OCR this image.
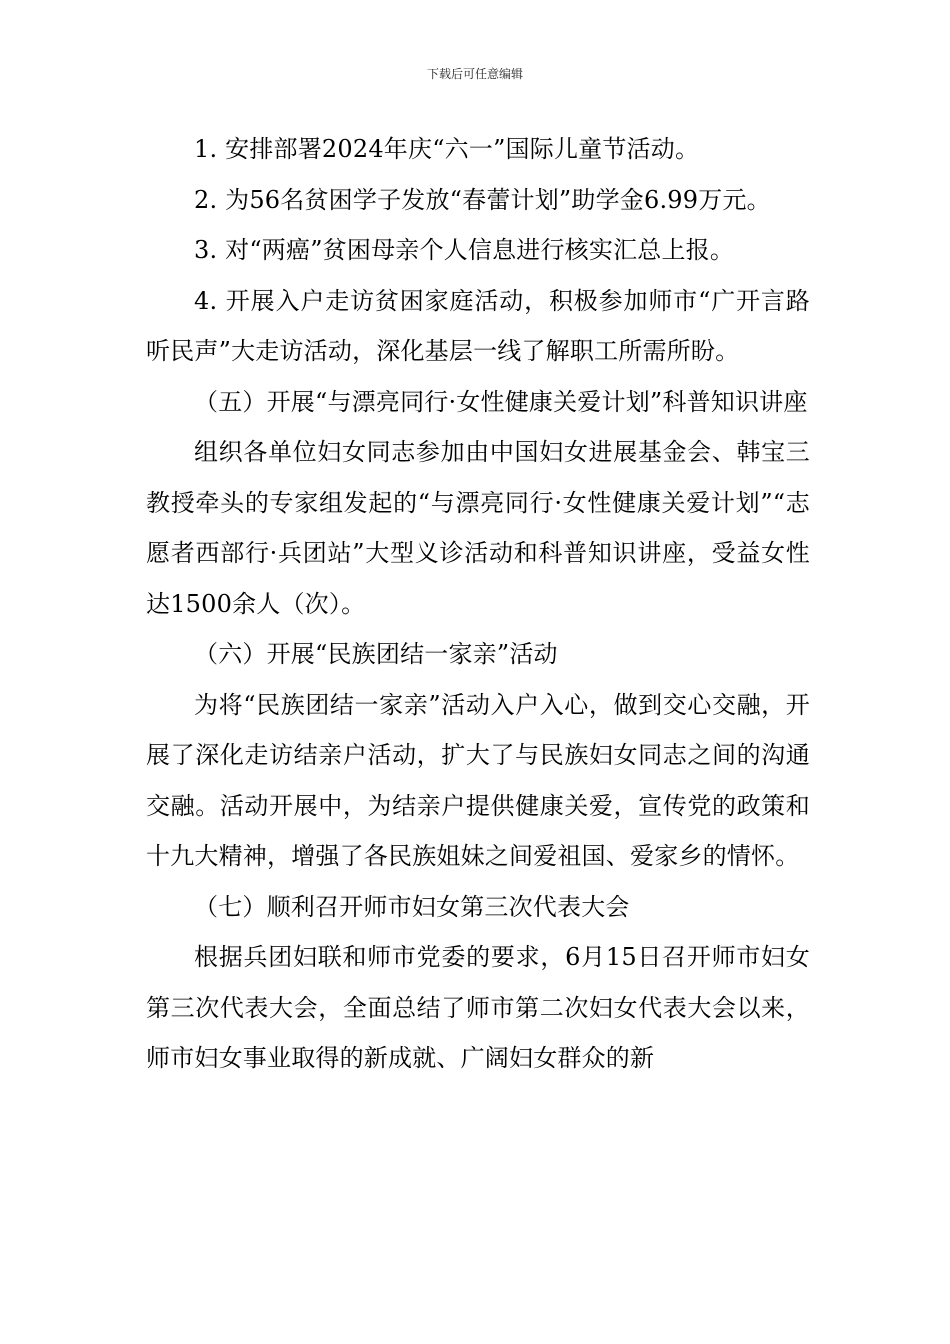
下载后可任意编辑

1. 安排部署2024年庆“六一”国际儿童节活动。

2. 为56名贫困学子发放“春蕾计划”助学金6.99万元。

3. 对“两癌”贫困母亲个人信息进行核实汇总上报。

4. 开展入户走访贫困家庭活动，积极参加师市“广开言路听民声”大走访活动，深化基层一线了解职工所需所盼。

（五）开展“与漂亮同行·女性健康关爱计划”科普知识讲座

组织各单位妇女同志参加由中国妇女进展基金会、韩宝三教授牵头的专家组发起的“与漂亮同行·女性健康关爱计划”“志愿者西部行·兵团站”大型义诊活动和科普知识讲座，受益女性达1500余人（次）。

（六）开展“民族团结一家亲”活动

为将“民族团结一家亲”活动入户入心，做到交心交融，开展了深化走访结亲户活动，扩大了与民族妇女同志之间的沟通交融。活动开展中，为结亲户提供健康关爱，宣传党的政策和十九大精神，增强了各民族姐妹之间爱祖国、爱家乡的情怀。

（七）顺利召开师市妇女第三次代表大会

根据兵团妇联和师市党委的要求，6月15日召开师市妇女第三次代表大会，全面总结了师市第二次妇女代表大会以来，师市妇女事业取得的新成就、广阔妇女群众的新
